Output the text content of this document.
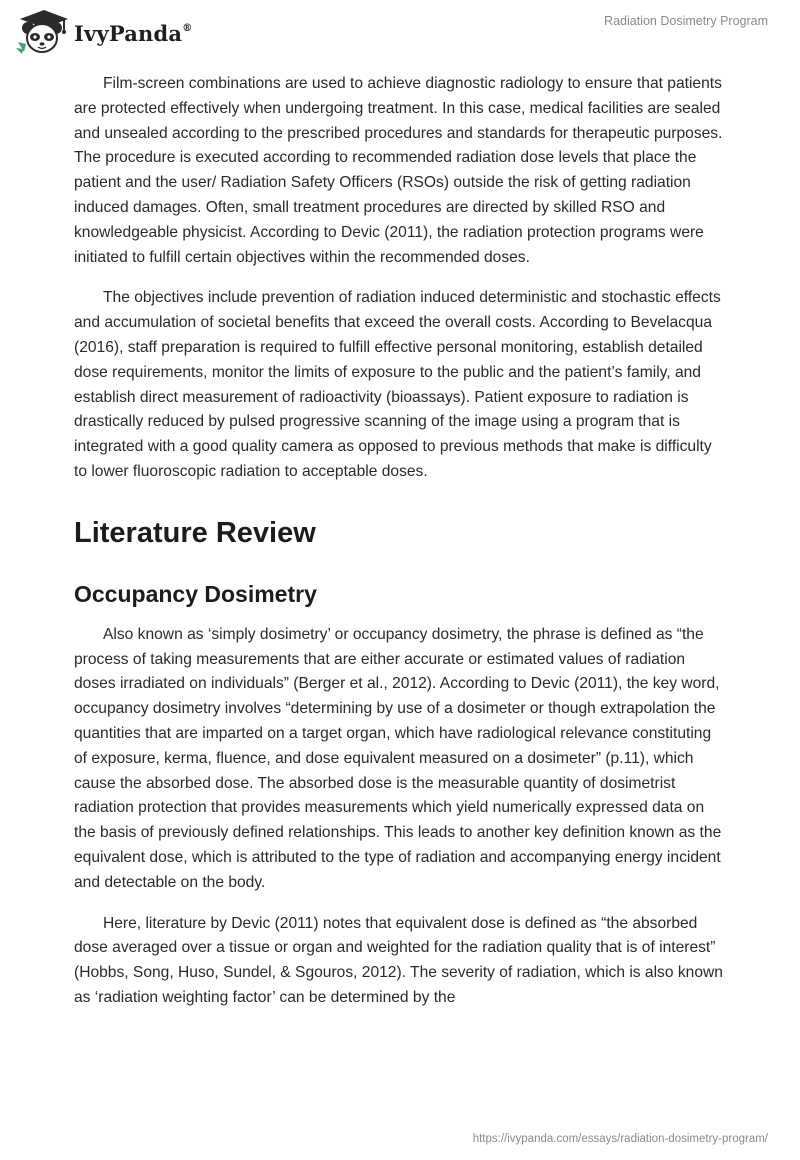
IvyPanda®	Radiation Dosimetry Program

Film-screen combinations are used to achieve diagnostic radiology to ensure that patients are protected effectively when undergoing treatment. In this case, medical facilities are sealed and unsealed according to the prescribed procedures and standards for therapeutic purposes. The procedure is executed according to recommended radiation dose levels that place the patient and the user/ Radiation Safety Officers (RSOs) outside the risk of getting radiation induced damages. Often, small treatment procedures are directed by skilled RSO and knowledgeable physicist. According to Devic (2011), the radiation protection programs were initiated to fulfill certain objectives within the recommended doses.

The objectives include prevention of radiation induced deterministic and stochastic effects and accumulation of societal benefits that exceed the overall costs. According to Bevelacqua (2016), staff preparation is required to fulfill effective personal monitoring, establish detailed dose requirements, monitor the limits of exposure to the public and the patient’s family, and establish direct measurement of radioactivity (bioassays). Patient exposure to radiation is drastically reduced by pulsed progressive scanning of the image using a program that is integrated with a good quality camera as opposed to previous methods that make is difficulty to lower fluoroscopic radiation to acceptable doses.

Literature Review
Occupancy Dosimetry

Also known as ‘simply dosimetry’ or occupancy dosimetry, the phrase is defined as “the process of taking measurements that are either accurate or estimated values of radiation doses irradiated on individuals” (Berger et al., 2012). According to Devic (2011), the key word, occupancy dosimetry involves “determining by use of a dosimeter or though extrapolation the quantities that are imparted on a target organ, which have radiological relevance constituting of exposure, kerma, fluence, and dose equivalent measured on a dosimeter” (p.11), which cause the absorbed dose. The absorbed dose is the measurable quantity of dosimetrist radiation protection that provides measurements which yield numerically expressed data on the basis of previously defined relationships. This leads to another key definition known as the equivalent dose, which is attributed to the type of radiation and accompanying energy incident and detectable on the body.

Here, literature by Devic (2011) notes that equivalent dose is defined as “the absorbed dose averaged over a tissue or organ and weighted for the radiation quality that is of interest” (Hobbs, Song, Huso, Sundel, & Sgouros, 2012). The severity of radiation, which is also known as ‘radiation weighting factor’ can be determined by the

https://ivypanda.com/essays/radiation-dosimetry-program/
